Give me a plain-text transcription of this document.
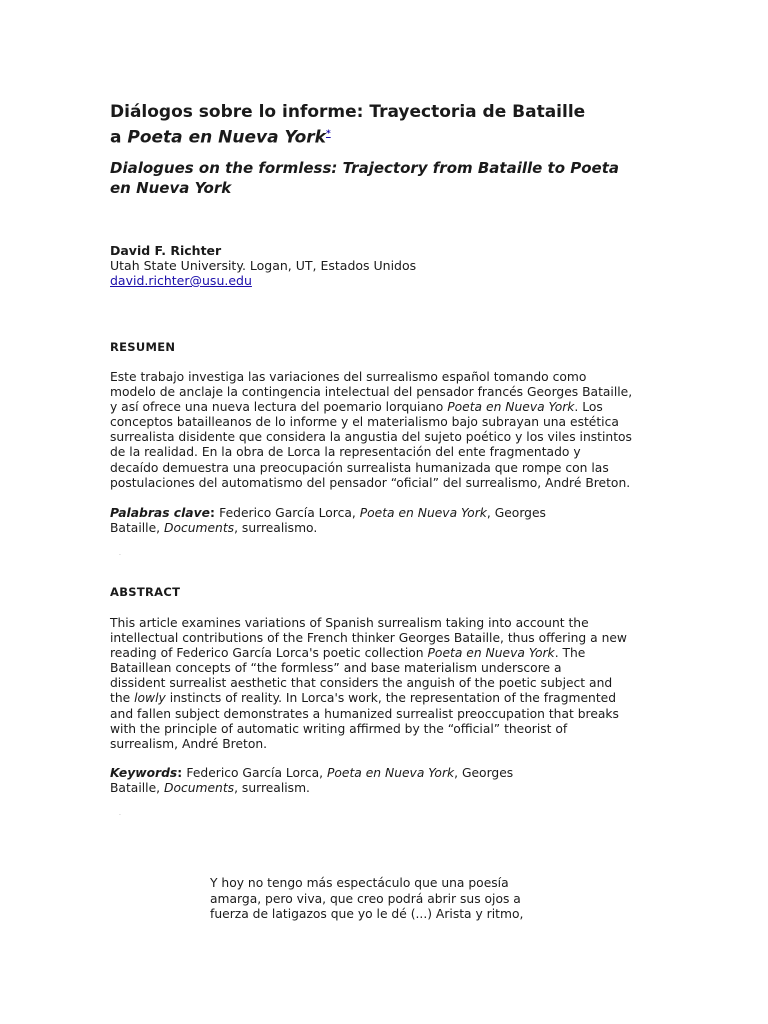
Diálogos sobre lo informe: Trayectoria de Bataille
a Poeta en Nueva York*
Dialogues on the formless: Trajectory from Bataille to Poeta
en Nueva York
David F. Richter
Utah State University. Logan, UT, Estados Unidos
david.richter@usu.edu
RESUMEN

Este trabajo investiga las variaciones del surrealismo español tomando como
modelo de anclaje la contingencia intelectual del pensador francés Georges Bataille,
y así ofrece una nueva lectura del poemario lorquiano Poeta en Nueva York. Los
conceptos batailleanos de lo informe y el materialismo bajo subrayan una estética
surrealista disidente que considera la angustia del sujeto poético y los viles instintos
de la realidad. En la obra de Lorca la representación del ente fragmentado y
decaído demuestra una preocupación surrealista humanizada que rompe con las
postulaciones del automatismo del pensador “oficial” del surrealismo, André Breton.

Palabras clave: Federico García Lorca, Poeta en Nueva York, Georges
Bataille, Documents, surrealismo.

.
ABSTRACT

This article examines variations of Spanish surrealism taking into account the
intellectual contributions of the French thinker Georges Bataille, thus offering a new
reading of Federico García Lorca's poetic collection Poeta en Nueva York. The
Bataillean concepts of “the formless” and base materialism underscore a
dissident surrealist aesthetic that considers the anguish of the poetic subject and
the lowly instincts of reality. In Lorca's work, the representation of the fragmented
and fallen subject demonstrates a humanized surrealist preoccupation that breaks
with the principle of automatic writing affirmed by the “official” theorist of
surrealism, André Breton.

Keywords: Federico García Lorca, Poeta en Nueva York, Georges
Bataille, Documents, surrealism.

.

Y hoy no tengo más espectáculo que una poesía
amarga, pero viva, que creo podrá abrir sus ojos a
fuerza de latigazos que yo le dé (...) Arista y ritmo,
